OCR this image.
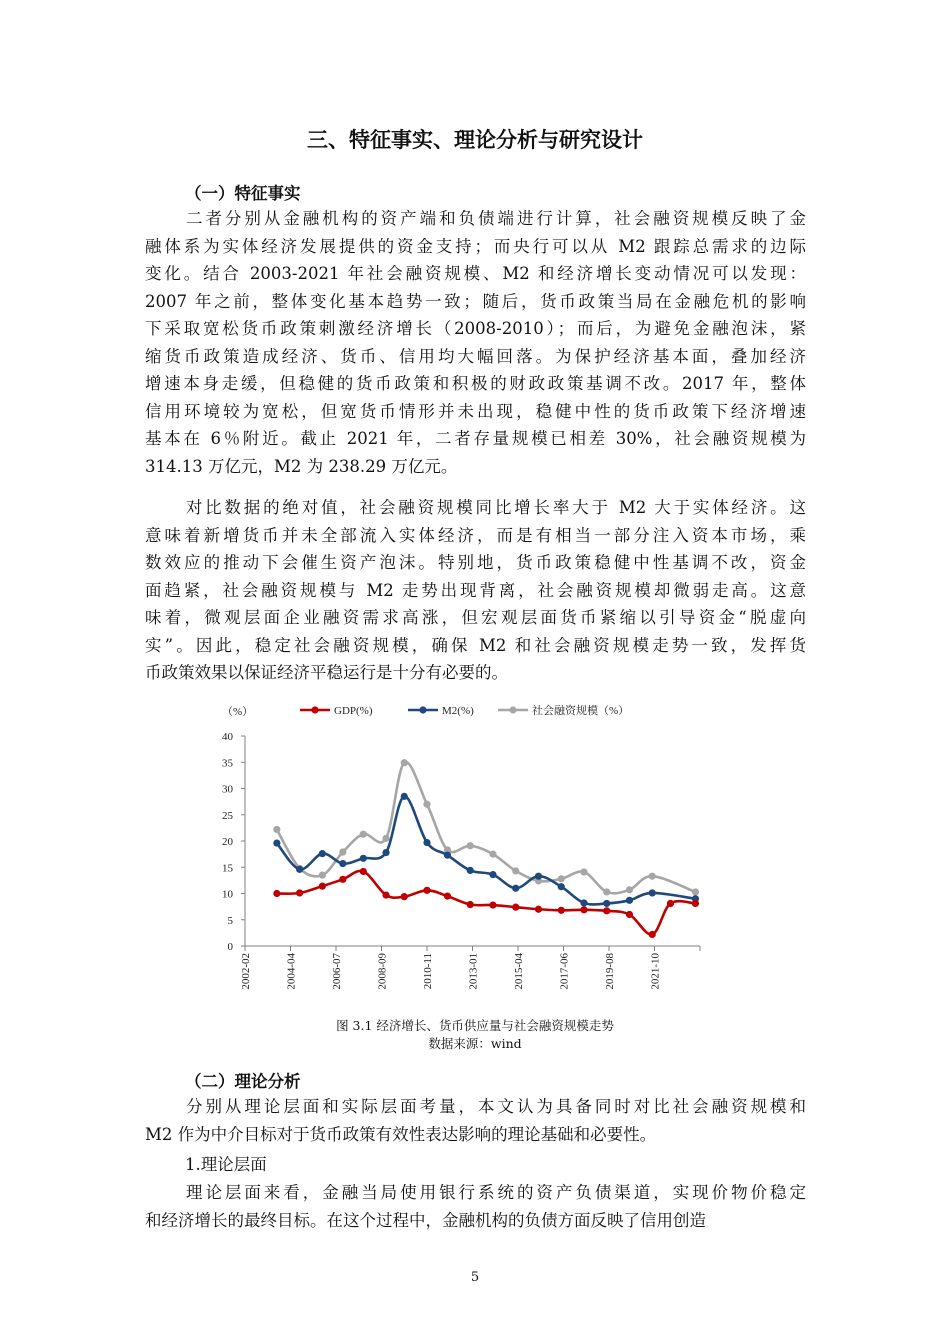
三、特征事实、理论分析与研究设计
（一）特征事实
二者分别从金融机构的资产端和负债端进行计算，社会融资规模反映了金
融体系为实体经济发展提供的资金支持；而央行可以从 M2 跟踪总需求的边际
变化。结合 2003-2021 年社会融资规模、M2 和经济增长变动情况可以发现：
2007 年之前，整体变化基本趋势一致；随后，货币政策当局在金融危机的影响
下采取宽松货币政策刺激经济增长（2008-2010）；而后，为避免金融泡沫，紧
缩货币政策造成经济、货币、信用均大幅回落。为保护经济基本面，叠加经济
增速本身走缓，但稳健的货币政策和积极的财政政策基调不改。2017 年，整体
信用环境较为宽松，但宽货币情形并未出现，稳健中性的货币政策下经济增速
基本在 6％附近。截止 2021 年，二者存量规模已相差 30%，社会融资规模为
314.13 万亿元，M2 为 238.29 万亿元。
对比数据的绝对值，社会融资规模同比增长率大于 M2 大于实体经济。这
意味着新增货币并未全部流入实体经济，而是有相当一部分注入资本市场，乘
数效应的推动下会催生资产泡沫。特别地，货币政策稳健中性基调不改，资金
面趋紧，社会融资规模与 M2 走势出现背离，社会融资规模却微弱走高。这意
味着，微观层面企业融资需求高涨，但宏观层面货币紧缩以引导资金“脱虚向
实”。因此，稳定社会融资规模，确保 M2 和社会融资规模走势一致，发挥货
币政策效果以保证经济平稳运行是十分有必要的。
0
5
10
15
20
25
30
35
40
（%）
2002-02	2004-04	2006-07	2008-09	2010-11	2013-01	2015-04	2017-06	2019-08	2021-10
GDP(%)	M2(%)	社会融资规模（%）
图 3.1 经济增长、货币供应量与社会融资规模走势
数据来源：wind
（二）理论分析
分别从理论层面和实际层面考量，本文认为具备同时对比社会融资规模和
M2 作为中介目标对于货币政策有效性表达影响的理论基础和必要性。
1.理论层面
理论层面来看，金融当局使用银行系统的资产负债渠道，实现价物价稳定
和经济增长的最终目标。在这个过程中，金融机构的负债方面反映了信用创造
5
